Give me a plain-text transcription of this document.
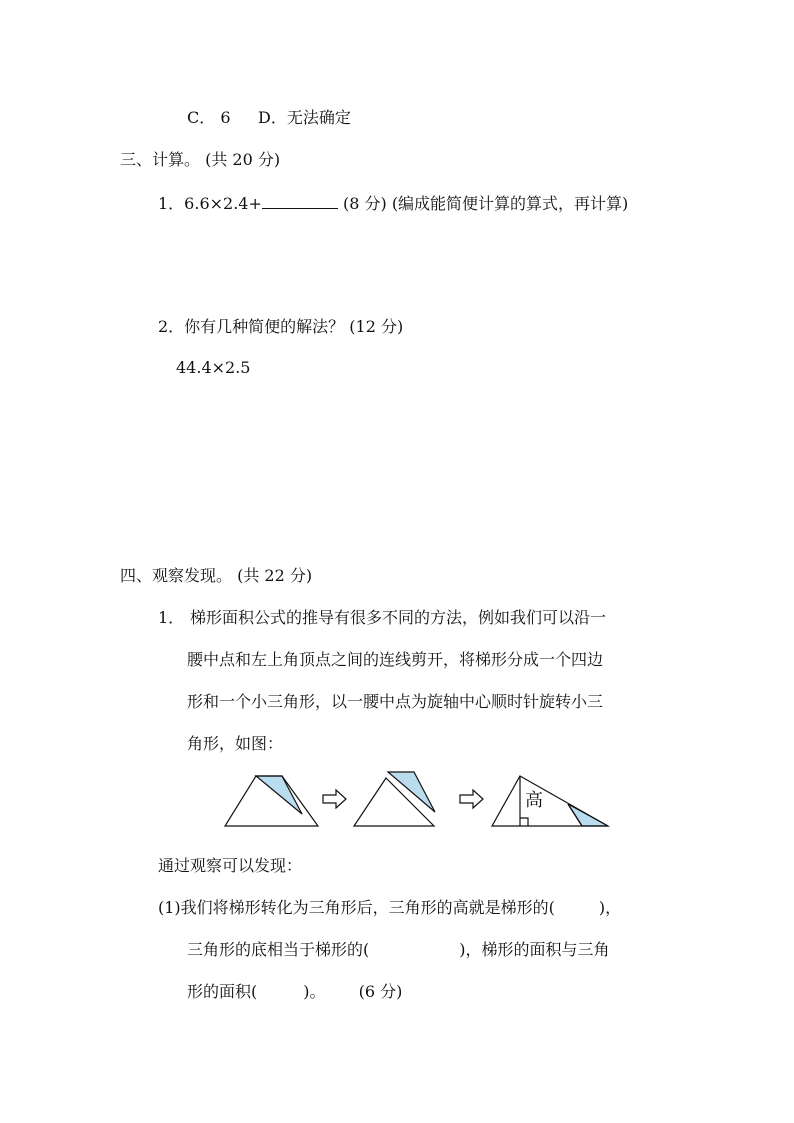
C． 6 D．无法确定
三、计算。 (共 20 分)
1．6.6×2.4+	(8 分) (编成能简便计算的算式，再计算)
2．你有几种简便的解法？ (12 分)
44.4×2.5
四、观察发现。 (共 22 分)
1． 梯形面积公式的推导有很多不同的方法，例如我们可以沿一
腰中点和左上角顶点之间的连线剪开，将梯形分成一个四边
形和一个小三角形，以一腰中点为旋轴中心顺时针旋转小三
角形，如图：
高
通过观察可以发现：
(1)我们将梯形转化为三角形后，三角形的高就是梯形的(	)，
三角形的底相当于梯形的(	)，梯形的面积与三角
形的面积(	)。 (6 分)
